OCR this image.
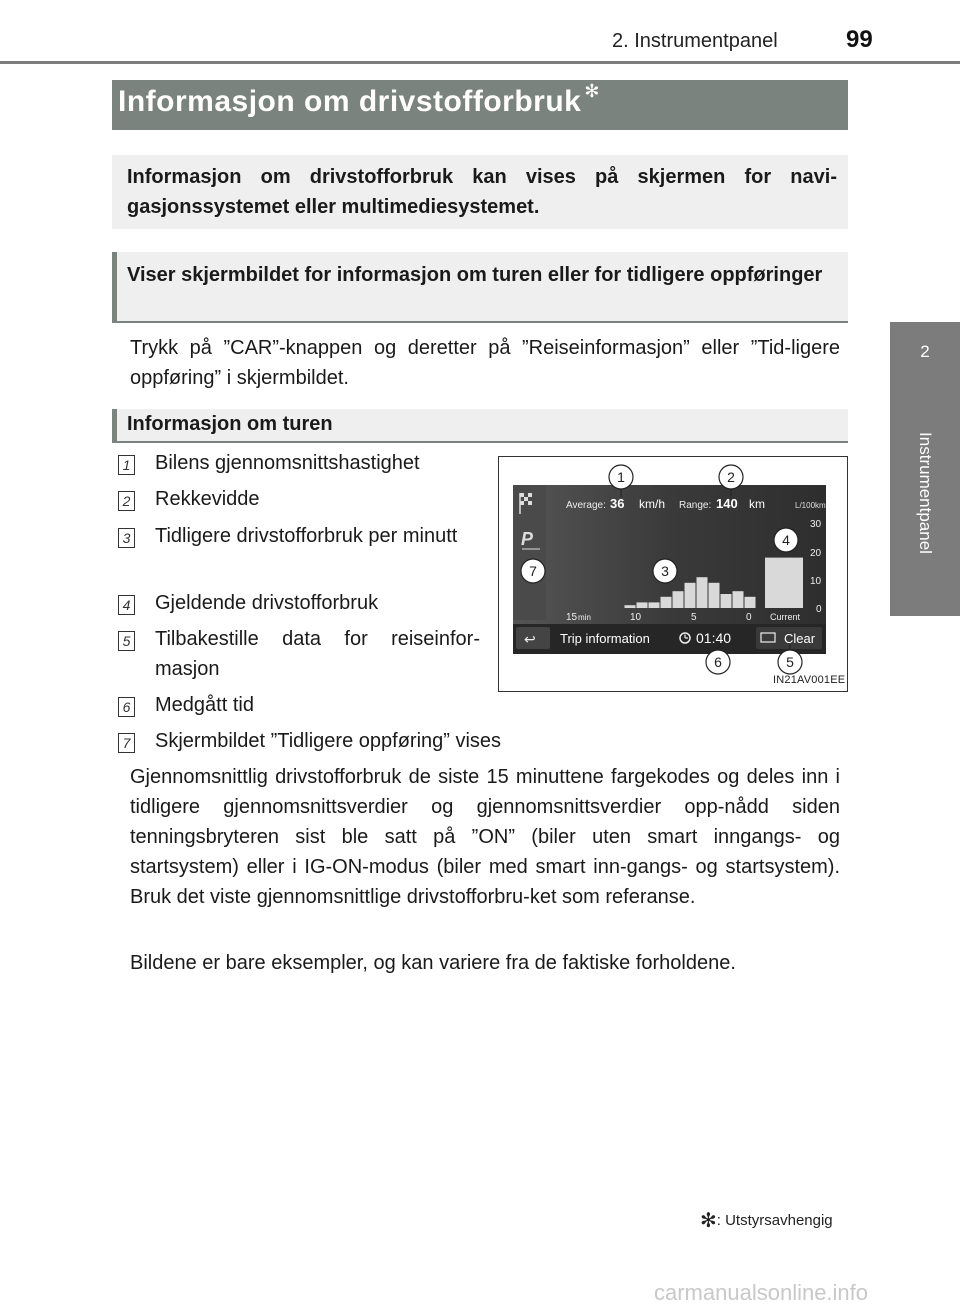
2. Instrumentpanel	99
2
Instrumentpanel
Informasjon om drivstofforbruk ✻
Informasjon om drivstofforbruk kan vises på skjermen for navi-gasjonssystemet eller multimediesystemet.
Viser skjermbildet for informasjon om turen eller for tidligere oppføringer
Trykk på ”CAR”-knappen og deretter på ”Reiseinformasjon” eller ”Tid-ligere oppføring” i skjermbildet.
Informasjon om turen
1 Bilens gjennomsnittshastighet
2 Rekkevidde
3 Tidligere drivstofforbruk per minutt
4 Gjeldende drivstofforbruk
5 Tilbakestille data for reiseinfor-masjon
6 Medgått tid
7 Skjermbildet ”Tidligere oppføring” vises
P
Average: 36 km/h Range: 140 km	L/100km
30
20
10
0
15 min	10	5	0 Current
↩ Trip information	01:40	Clear
1	2
3
4
5
6
7
IN21AV001EE
Gjennomsnittlig drivstofforbruk de siste 15 minuttene fargekodes og deles inn i tidligere gjennomsnittsverdier og gjennomsnittsverdier opp-nådd siden tenningsbryteren sist ble satt på ”ON” (biler uten smart inngangs- og startsystem) eller i IG-ON-modus (biler med smart inn-gangs- og startsystem). Bruk det viste gjennomsnittlige drivstofforbru-ket som referanse.
Bildene er bare eksempler, og kan variere fra de faktiske forholdene.
✻: Utstyrsavhengig
carmanualsonline.info
